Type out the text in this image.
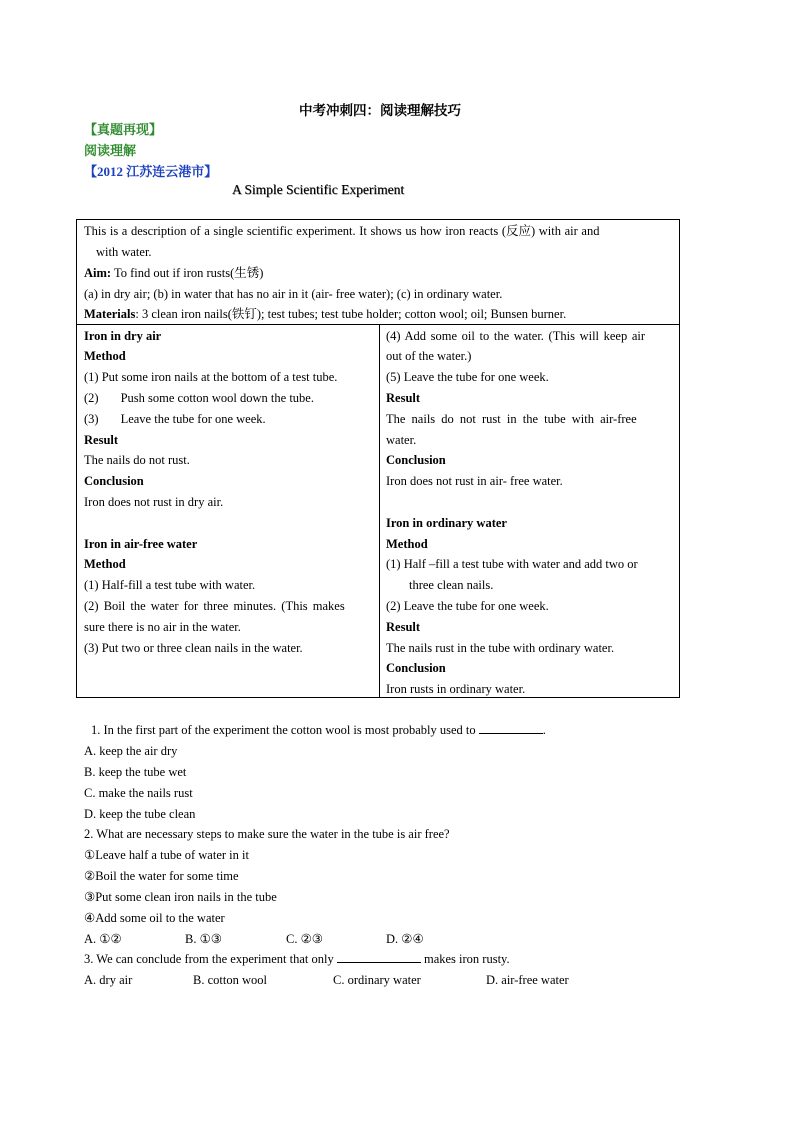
中考冲刺四：阅读理解技巧
【真题再现】
阅读理解
【2012 江苏连云港市】
A Simple Scientific Experiment
This is a description of a single scientific experiment. It shows us how iron reacts (反应) with air and
with water.
Aim: To find out if iron rusts(生锈)
(a) in dry air; (b) in water that has no air in it (air- free water); (c) in ordinary water.
Materials: 3 clean iron nails(铁钉); test tubes; test tube holder; cotton wool; oil; Bunsen burner.
Iron in dry air
Method
(1) Put some iron nails at the bottom of a test tube.
(2) Push some cotton wool down the tube.
(3) Leave the tube for one week.
Result
The nails do not rust.
Conclusion
Iron does not rust in dry air.
Iron in air-free water
Method
(1) Half-fill a test tube with water.
(2) Boil the water for three minutes. (This makes
sure there is no air in the water.
(3) Put two or three clean nails in the water.
(4) Add some oil to the water. (This will keep air
out of the water.)
(5) Leave the tube for one week.
Result
The nails do not rust in the tube with air-free
water.
Conclusion
Iron does not rust in air- free water.
Iron in ordinary water
Method
(1) Half –fill a test tube with water and add two or
three clean nails.
(2) Leave the tube for one week.
Result
The nails rust in the tube with ordinary water.
Conclusion
Iron rusts in ordinary water.
1. In the first part of the experiment the cotton wool is most probably used to	.
A. keep the air dry
B. keep the tube wet
C. make the nails rust
D. keep the tube clean
2. What are necessary steps to make sure the water in the tube is air free?
①Leave half a tube of water in it
②Boil the water for some time
③Put some clean iron nails in the tube
④Add some oil to the water
A. ①②	B. ①③	C. ②③	D. ②④
3. We can conclude from the experiment that only	makes iron rusty.
A. dry air	B. cotton wool	C. ordinary water	D. air-free water
